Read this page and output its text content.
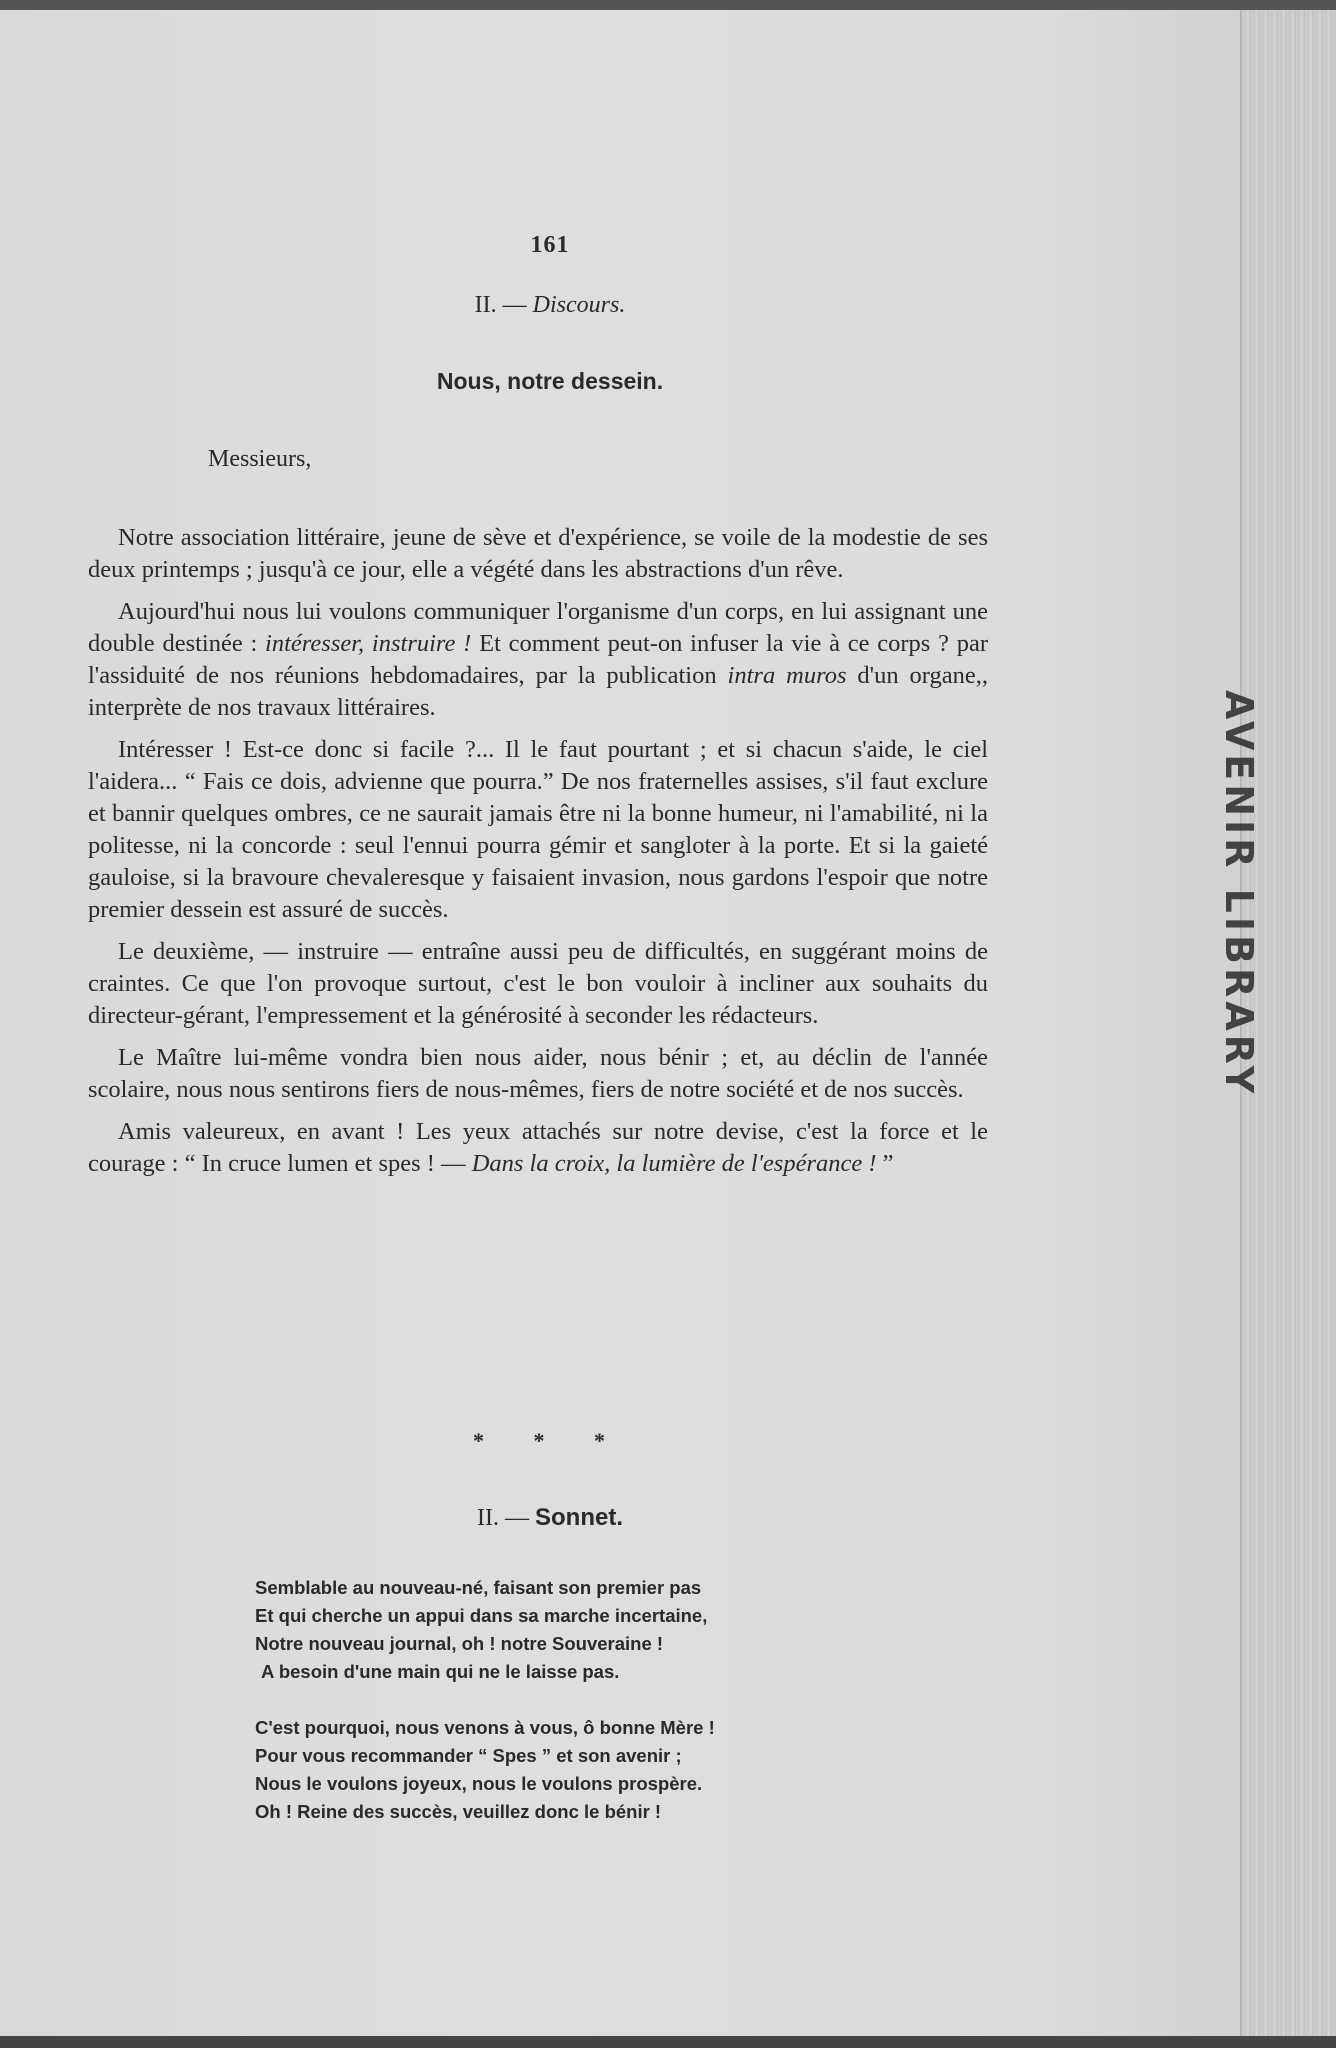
AVENIR LIBRARY
161
II. — Discours.
Nous, notre dessein.
Messieurs,

Notre association littéraire, jeune de sève et d'expérience, se voile de la modestie de ses deux printemps ; jusqu'à ce jour, elle a végété dans les abstractions d'un rêve.

Aujourd'hui nous lui voulons communiquer l'organisme d'un corps, en lui assignant une double destinée : intéresser, instruire ! Et comment peut-on infuser la vie à ce corps ? par l'assiduité de nos réunions hebdomadaires, par la publication intra muros d'un organe,, interprète de nos travaux littéraires.

Intéresser ! Est-ce donc si facile ?... Il le faut pourtant ; et si chacun s'aide, le ciel l'aidera... “ Fais ce dois, advienne que pourra.” De nos fraternelles assises, s'il faut exclure et bannir quelques ombres, ce ne saurait jamais être ni la bonne humeur, ni l'amabilité, ni la politesse, ni la concorde : seul l'ennui pourra gémir et sangloter à la porte. Et si la gaieté gauloise, si la bravoure chevaleresque y faisaient invasion, nous gardons l'espoir que notre premier dessein est assuré de succès.

Le deuxième, — instruire — entraîne aussi peu de difficultés, en suggérant moins de craintes. Ce que l'on provoque surtout, c'est le bon vouloir à incliner aux souhaits du directeur-gérant, l'empressement et la générosité à seconder les rédacteurs.

Le Maître lui-même vondra bien nous aider, nous bénir ; et, au déclin de l'année scolaire, nous nous sentirons fiers de nous-mêmes, fiers de notre société et de nos succès.

Amis valeureux, en avant ! Les yeux attachés sur notre devise, c'est la force et le courage : “ In cruce lumen et spes ! — Dans la croix, la lumière de l'espérance ! ”

* * *
II. — Sonnet.
Semblable au nouveau-né, faisant son premier pas
Et qui cherche un appui dans sa marche incertaine,
Notre nouveau journal, oh ! notre Souveraine !
A besoin d'une main qui ne le laisse pas.
C'est pourquoi, nous venons à vous, ô bonne Mère !
Pour vous recommander “ Spes ” et son avenir ;
Nous le voulons joyeux, nous le voulons prospère.
Oh ! Reine des succès, veuillez donc le bénir !
